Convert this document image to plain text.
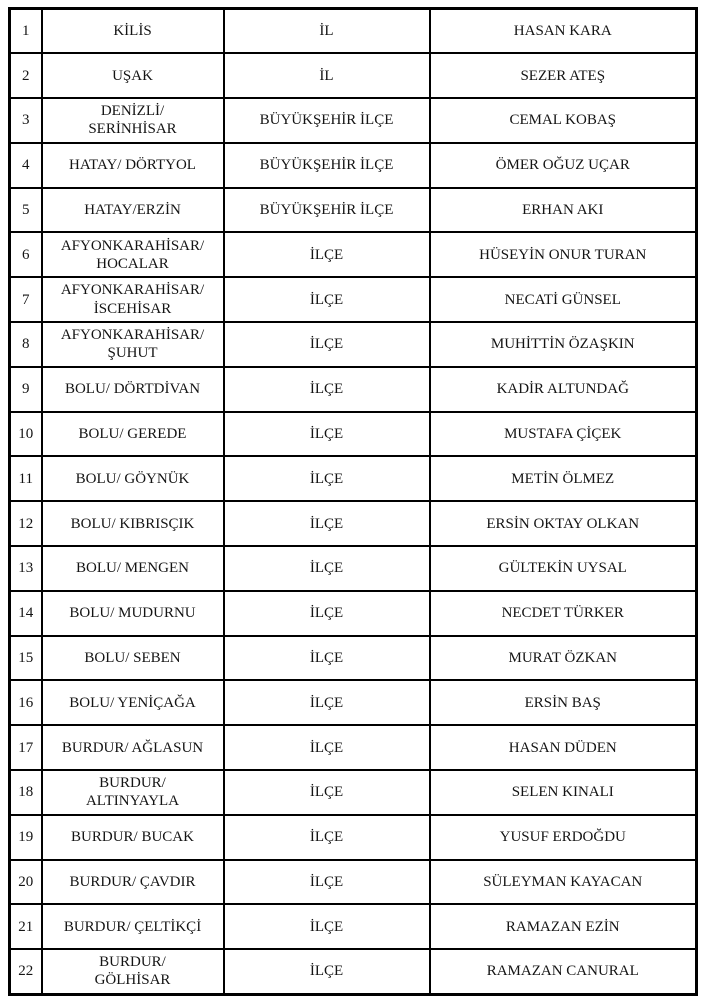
1	KİLİS	İL	HASAN KARA
2	UŞAK	İL	SEZER ATEŞ
3	DENİZLİ/
SERİNHİSAR	BÜYÜKŞEHİR İLÇE	CEMAL KOBAŞ
4	HATAY/ DÖRTYOL	BÜYÜKŞEHİR İLÇE	ÖMER OĞUZ UÇAR
5	HATAY/ERZİN	BÜYÜKŞEHİR İLÇE	ERHAN AKI
6	AFYONKARAHİSAR/
HOCALAR	İLÇE	HÜSEYİN ONUR TURAN
7	AFYONKARAHİSAR/
İSCEHİSAR	İLÇE	NECATİ GÜNSEL
8	AFYONKARAHİSAR/
ŞUHUT	İLÇE	MUHİTTİN ÖZAŞKIN
9	BOLU/ DÖRTDİVAN	İLÇE	KADİR ALTUNDAĞ
10	BOLU/ GEREDE	İLÇE	MUSTAFA ÇİÇEK
11	BOLU/ GÖYNÜK	İLÇE	METİN ÖLMEZ
12	BOLU/ KIBRISÇIK	İLÇE	ERSİN OKTAY OLKAN
13	BOLU/ MENGEN	İLÇE	GÜLTEKİN UYSAL
14	BOLU/ MUDURNU	İLÇE	NECDET TÜRKER
15	BOLU/ SEBEN	İLÇE	MURAT ÖZKAN
16	BOLU/ YENİÇAĞA	İLÇE	ERSİN BAŞ
17	BURDUR/ AĞLASUN	İLÇE	HASAN DÜDEN
18	BURDUR/
ALTINYAYLA	İLÇE	SELEN KINALI
19	BURDUR/ BUCAK	İLÇE	YUSUF ERDOĞDU
20	BURDUR/ ÇAVDIR	İLÇE	SÜLEYMAN KAYACAN
21	BURDUR/ ÇELTİKÇİ	İLÇE	RAMAZAN EZİN
22	BURDUR/
GÖLHİSAR	İLÇE	RAMAZAN CANURAL
